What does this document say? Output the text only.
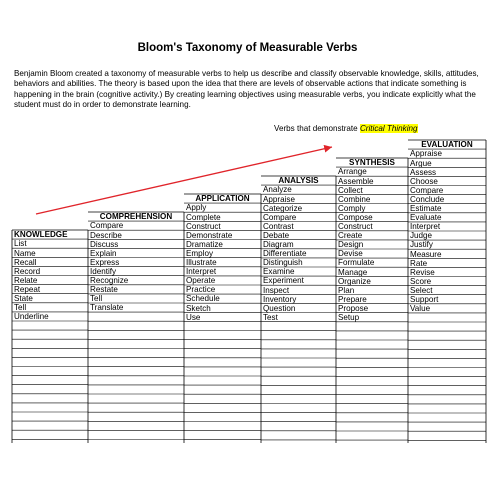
Bloom's Taxonomy of Measurable Verbs
Benjamin Bloom created a taxonomy of measurable verbs to help us describe and classify observable knowledge, skills, attitudes, behaviors and abilities. The theory is based upon the idea that there are levels of observable actions that indicate something is happening in the brain (cognitive activity.) By creating learning objectives using measurable verbs, you indicate explicitly what the student must do in order to demonstrate learning.
Verbs that demonstrate Critical Thinking
KNOWLEDGE
List
Name
Recall
Record
Relate
Repeat
State
Tell
Underline
COMPREHENSION
Compare
Describe
Discuss
Explain
Express
Identify
Recognize
Restate
Tell
Translate
APPLICATION
Apply
Complete
Construct
Demonstrate
Dramatize
Employ
Illustrate
Interpret
Operate
Practice
Schedule
Sketch
Use
ANALYSIS
Analyze
Appraise
Categorize
Compare
Contrast
Debate
Diagram
Differentiate
Distinguish
Examine
Experiment
Inspect
Inventory
Question
Test
SYNTHESIS
Arrange
Assemble
Collect
Combine
Comply
Compose
Construct
Create
Design
Devise
Formulate
Manage
Organize
Plan
Prepare
Propose
Setup
EVALUATION
Appraise
Argue
Assess
Choose
Compare
Conclude
Estimate
Evaluate
Interpret
Judge
Justify
Measure
Rate
Revise
Score
Select
Support
Value
